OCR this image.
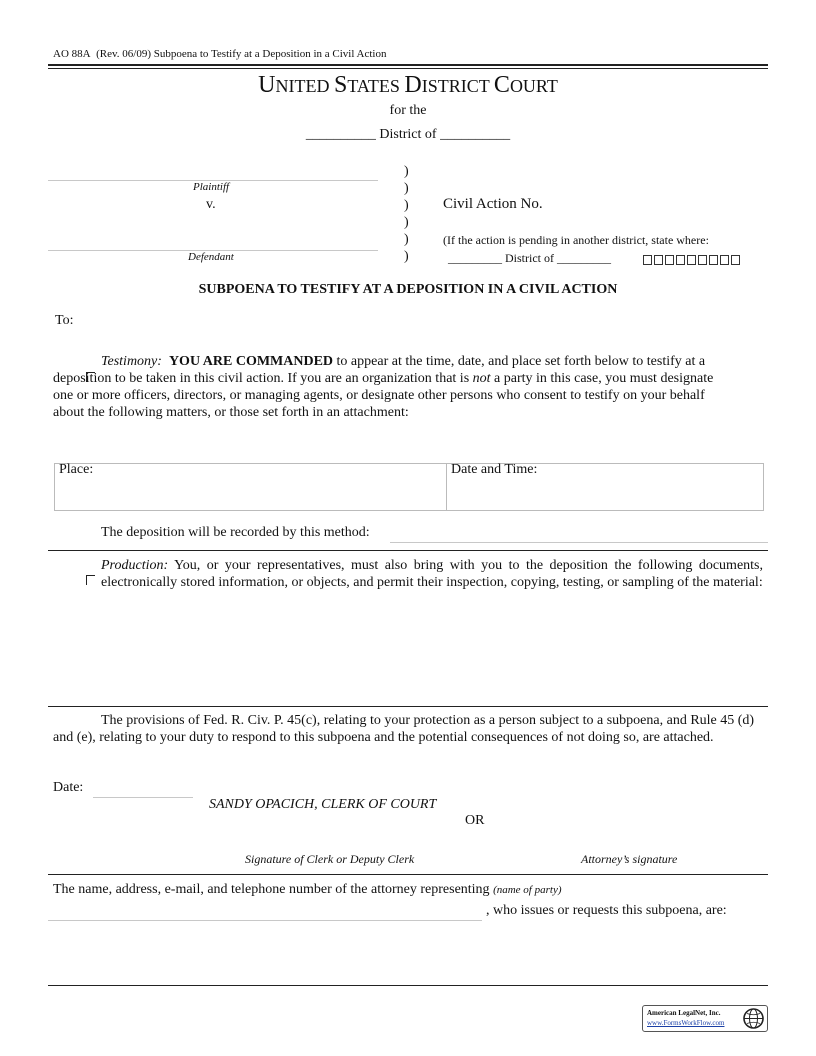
AO 88A (Rev. 06/09) Subpoena to Testify at a Deposition in a Civil Action
UNITED STATES DISTRICT COURT
for the
__________ District of __________
Plaintiff
v.
Defendant
)
)
)
)
)
)
Civil Action No.
(If the action is pending in another district, state where:
_________ District of _________
SUBPOENA TO TESTIFY AT A DEPOSITION IN A CIVIL ACTION
To:
Testimony: YOU ARE COMMANDED to appear at the time, date, and place set forth below to testify at a
deposition to be taken in this civil action. If you are an organization that is not a party in this case, you must designate
one or more officers, directors, or managing agents, or designate other persons who consent to testify on your behalf
about the following matters, or those set forth in an attachment:
Place:	Date and Time:
The deposition will be recorded by this method:
Production: You, or your representatives, must also bring with you to the deposition the following documents, electronically stored information, or objects, and permit their inspection, copying, testing, or sampling of the material:
The provisions of Fed. R. Civ. P. 45(c), relating to your protection as a person subject to a subpoena, and Rule 45 (d) and (e), relating to your duty to respond to this subpoena and the potential consequences of not doing so, are attached.
Date:
SANDY OPACICH, CLERK OF COURT
OR
Signature of Clerk or Deputy Clerk	Attorney’s signature
The name, address, e-mail, and telephone number of the attorney representing (name of party)
, who issues or requests this subpoena, are:
American LegalNet, Inc.
www.FormsWorkFlow.com
